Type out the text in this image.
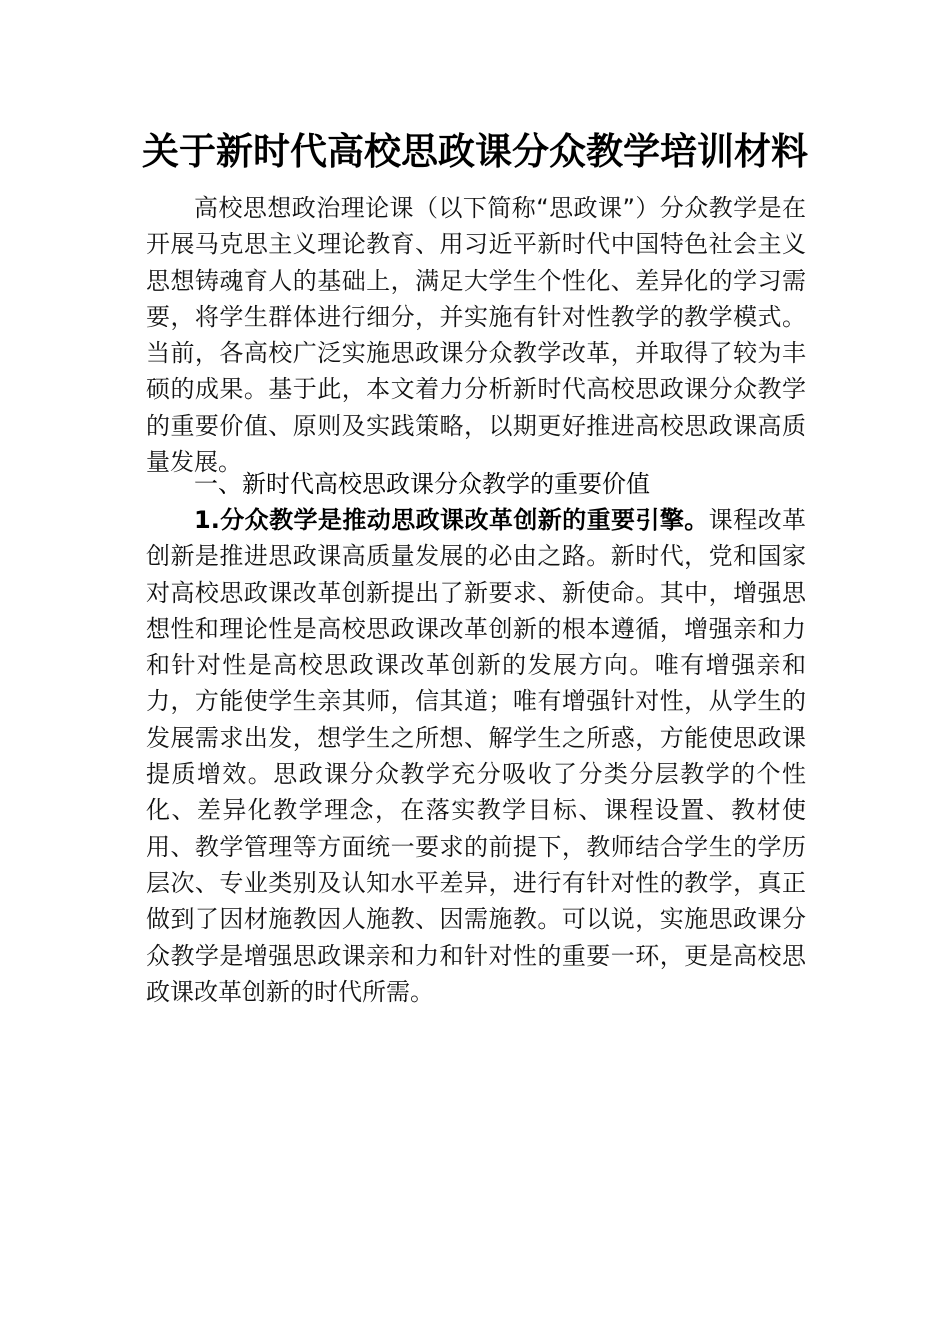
关于新时代高校思政课分众教学培训材料
高校思想政治理论课（以下简称“思政课”）分众教学是在开展马克思主义理论教育、用习近平新时代中国特色社会主义思想铸魂育人的基础上，满足大学生个性化、差异化的学习需要，将学生群体进行细分，并实施有针对性教学的教学模式。当前，各高校广泛实施思政课分众教学改革，并取得了较为丰硕的成果。基于此，本文着力分析新时代高校思政课分众教学的重要价值、原则及实践策略，以期更好推进高校思政课高质量发展。
一、新时代高校思政课分众教学的重要价值
1.分众教学是推动思政课改革创新的重要引擎。课程改革创新是推进思政课高质量发展的必由之路。新时代，党和国家对高校思政课改革创新提出了新要求、新使命。其中，增强思想性和理论性是高校思政课改革创新的根本遵循，增强亲和力和针对性是高校思政课改革创新的发展方向。唯有增强亲和力，方能使学生亲其师，信其道；唯有增强针对性，从学生的发展需求出发，想学生之所想、解学生之所惑，方能使思政课提质增效。思政课分众教学充分吸收了分类分层教学的个性化、差异化教学理念，在落实教学目标、课程设置、教材使用、教学管理等方面统一要求的前提下，教师结合学生的学历层次、专业类别及认知水平差异，进行有针对性的教学，真正做到了因材施教因人施教、因需施教。可以说，实施思政课分众教学是增强思政课亲和力和针对性的重要一环，更是高校思政课改革创新的时代所需。
